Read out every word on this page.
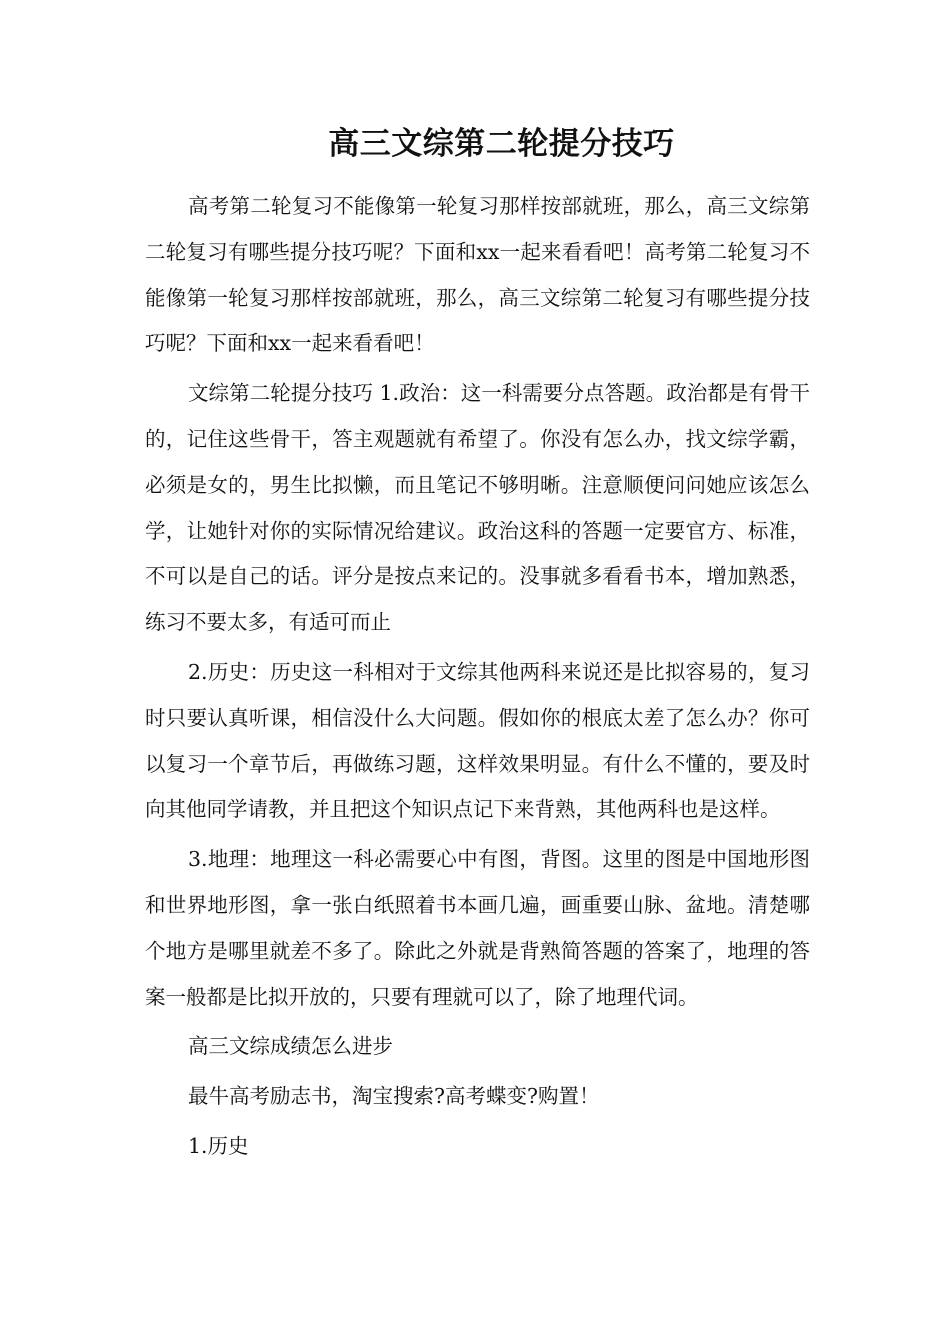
高三文综第二轮提分技巧

高考第二轮复习不能像第一轮复习那样按部就班，那么，高三文综第二轮复习有哪些提分技巧呢？下面和xx一起来看看吧！高考第二轮复习不能像第一轮复习那样按部就班，那么，高三文综第二轮复习有哪些提分技巧呢？下面和xx一起来看看吧！

文综第二轮提分技巧 1.政治：这一科需要分点答题。政治都是有骨干的，记住这些骨干，答主观题就有希望了。你没有怎么办，找文综学霸，必须是女的，男生比拟懒，而且笔记不够明晰。注意顺便问问她应该怎么学，让她针对你的实际情况给建议。政治这科的答题一定要官方、标准，不可以是自己的话。评分是按点来记的。没事就多看看书本，增加熟悉，练习不要太多，有适可而止

2.历史：历史这一科相对于文综其他两科来说还是比拟容易的，复习时只要认真听课，相信没什么大问题。假如你的根底太差了怎么办？你可以复习一个章节后，再做练习题，这样效果明显。有什么不懂的，要及时向其他同学请教，并且把这个知识点记下来背熟，其他两科也是这样。

3.地理：地理这一科必需要心中有图，背图。这里的图是中国地形图和世界地形图，拿一张白纸照着书本画几遍，画重要山脉、盆地。清楚哪个地方是哪里就差不多了。除此之外就是背熟简答题的答案了，地理的答案一般都是比拟开放的，只要有理就可以了，除了地理代词。

高三文综成绩怎么进步

最牛高考励志书，淘宝搜索?高考蝶变?购置！

1.历史
